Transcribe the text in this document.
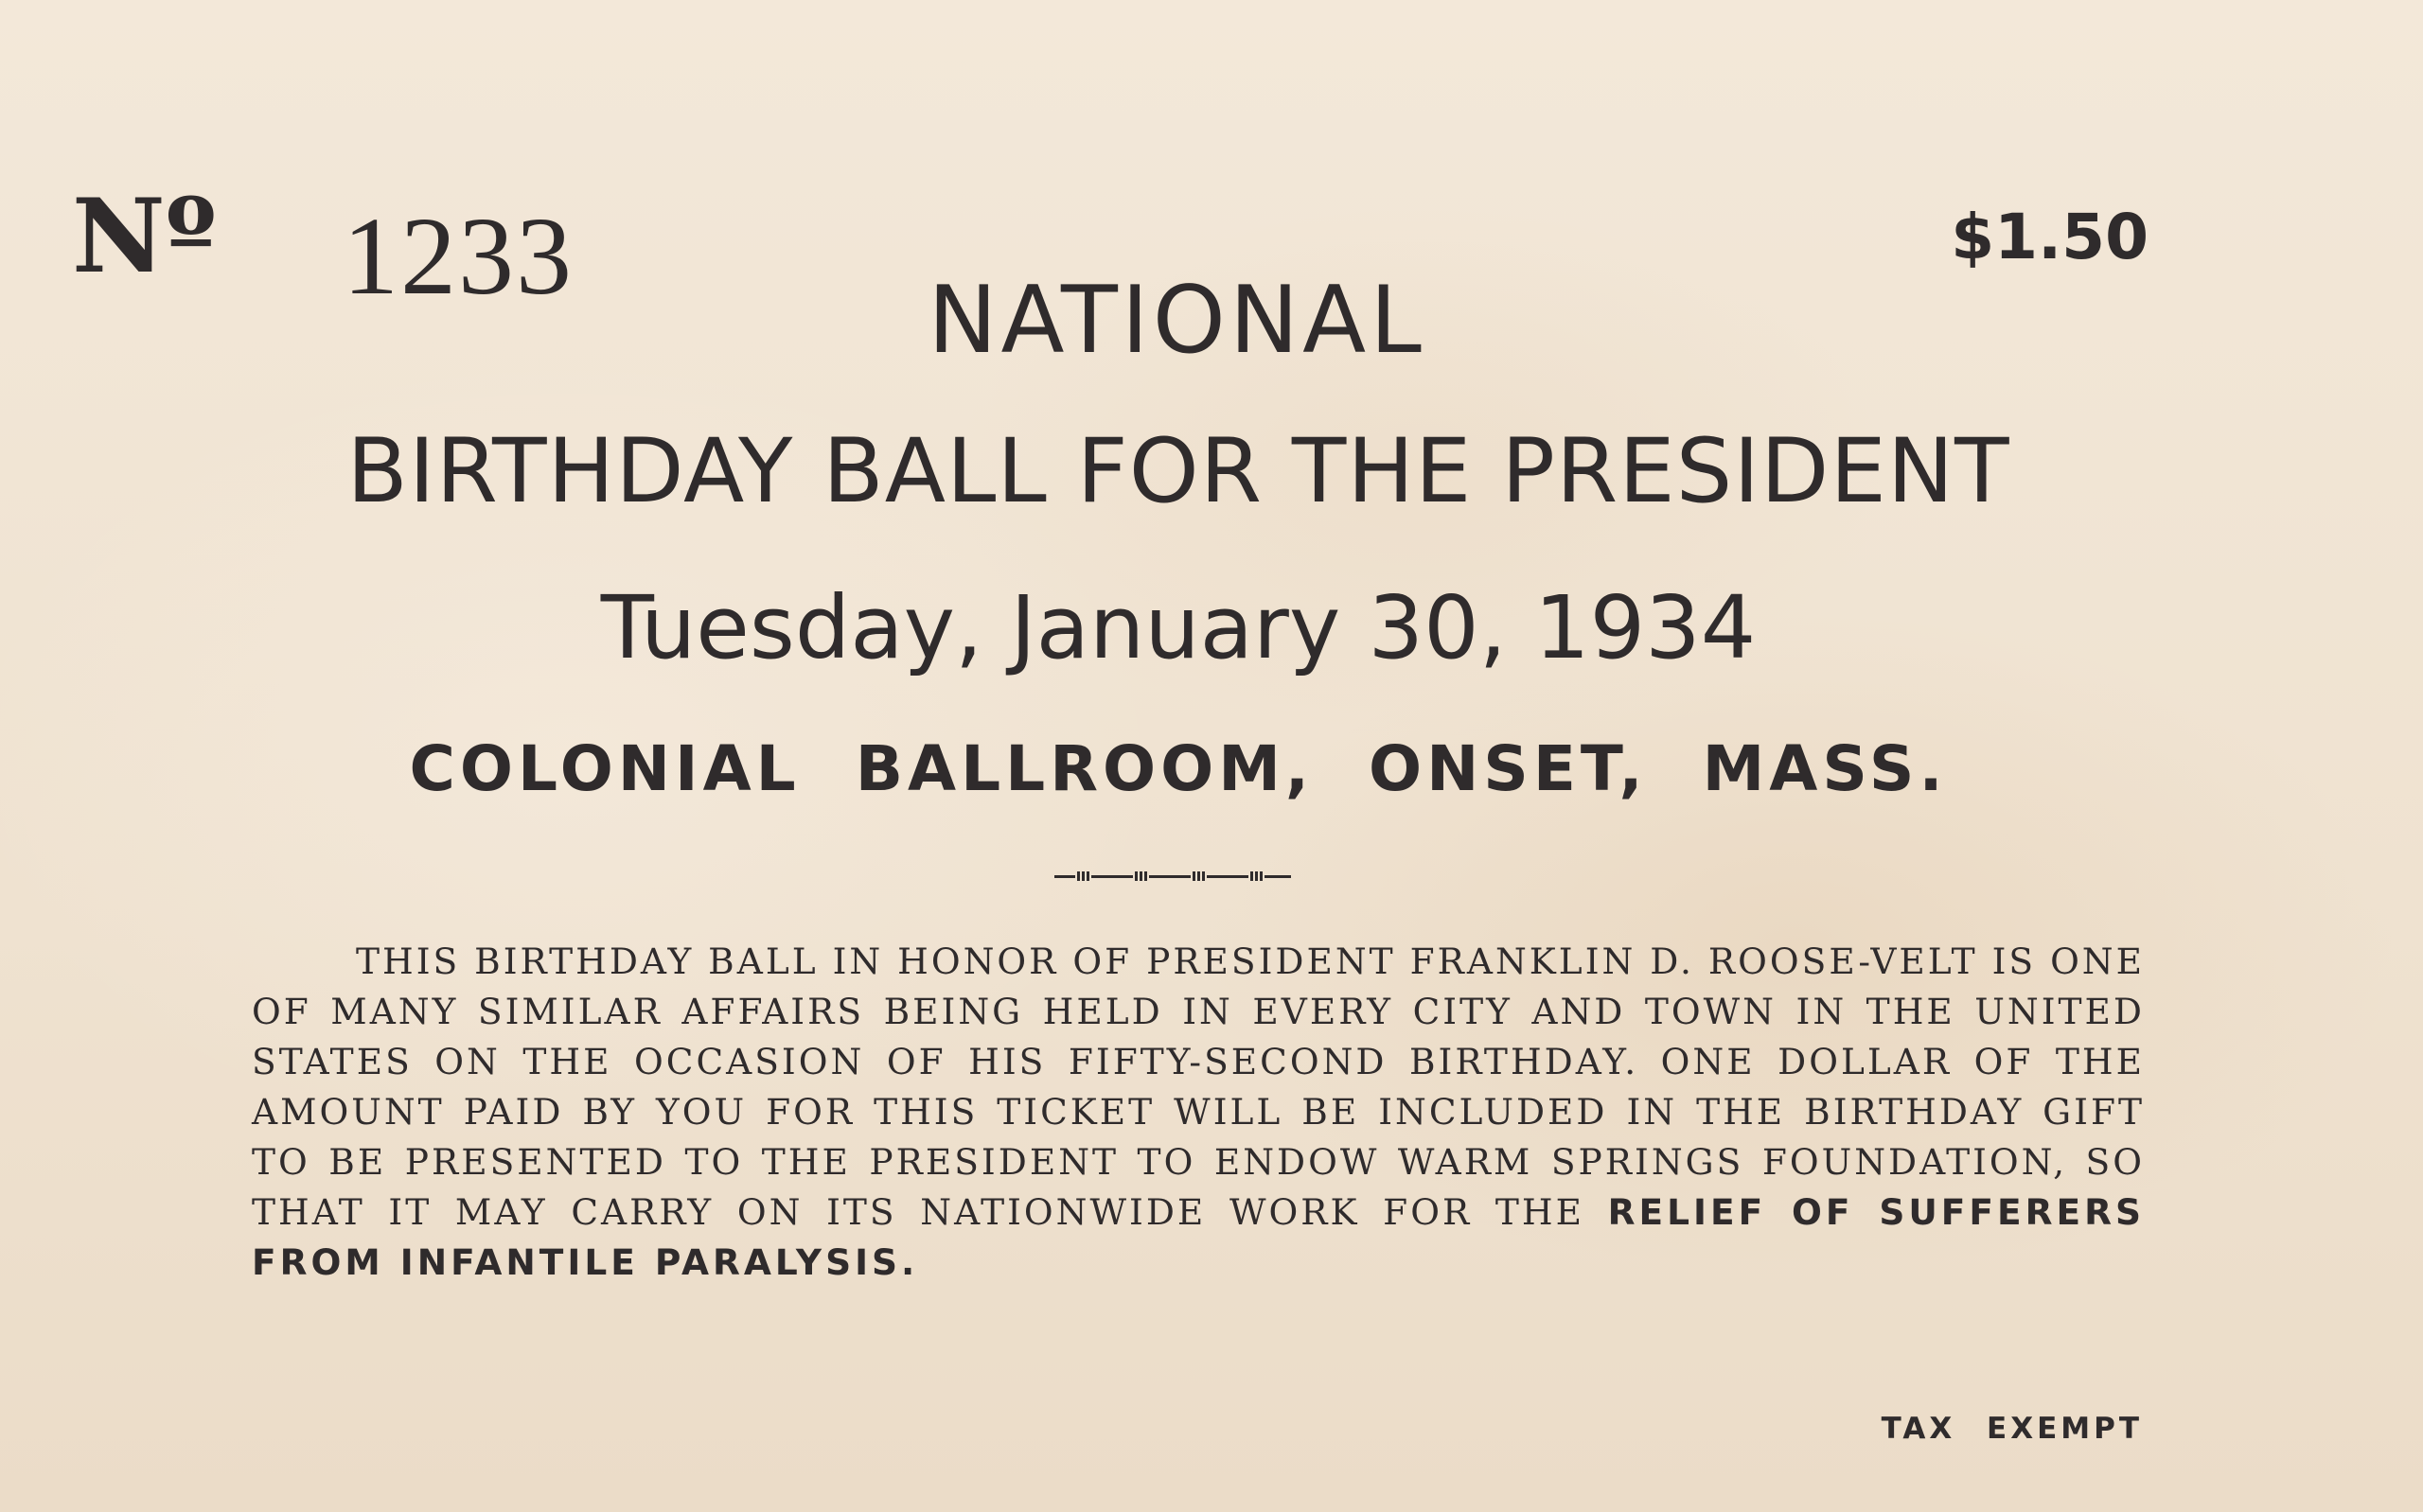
Nº 1233	$1.50
NATIONAL
BIRTHDAY BALL FOR THE PRESIDENT
Tuesday, January 30, 1934
COLONIAL BALLROOM, ONSET, MASS.
THIS BIRTHDAY BALL IN HONOR OF PRESIDENT FRANKLIN D. ROOSE-VELT IS ONE OF MANY SIMILAR AFFAIRS BEING HELD IN EVERY CITY AND TOWN IN THE UNITED STATES ON THE OCCASION OF HIS FIFTY-SECOND BIRTHDAY. ONE DOLLAR OF THE AMOUNT PAID BY YOU FOR THIS TICKET WILL BE INCLUDED IN THE BIRTHDAY GIFT TO BE PRESENTED TO THE PRESIDENT TO ENDOW WARM SPRINGS FOUNDATION, SO THAT IT MAY CARRY ON ITS NATIONWIDE WORK FOR THE RELIEF OF SUFFERERS FROM INFANTILE PARALYSIS.
TAX EXEMPT
